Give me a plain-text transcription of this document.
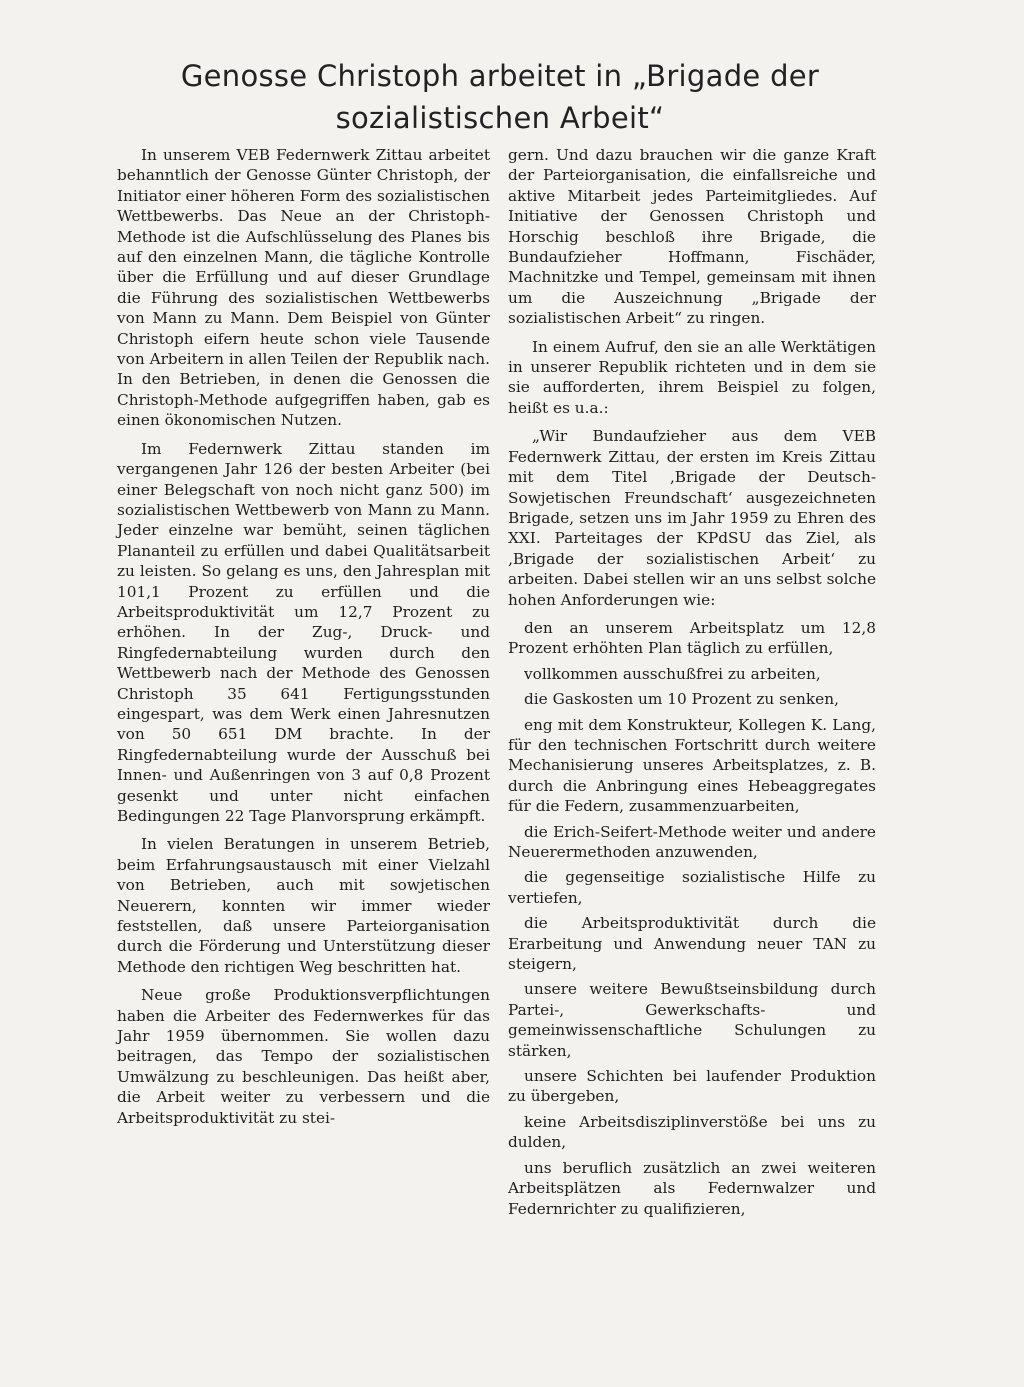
Genosse Christoph arbeitet in „Brigade der
sozialistischen Arbeit“

In unserem VEB Federnwerk Zittau arbeitet behanntlich der Genosse Günter Christoph, der Initiator einer höheren Form des sozialistischen Wettbewerbs. Das Neue an der Christoph-Methode ist die Aufschlüsselung des Planes bis auf den einzelnen Mann, die tägliche Kontrolle über die Erfüllung und auf dieser Grundlage die Führung des sozialistischen Wettbewerbs von Mann zu Mann. Dem Beispiel von Günter Christoph eifern heute schon viele Tausende von Arbeitern in allen Teilen der Republik nach. In den Betrieben, in denen die Genossen die Christoph-Methode aufgegriffen haben, gab es einen ökonomischen Nutzen.

Im Federnwerk Zittau standen im vergangenen Jahr 126 der besten Arbeiter (bei einer Belegschaft von noch nicht ganz 500) im sozialistischen Wettbewerb von Mann zu Mann. Jeder einzelne war bemüht, seinen täglichen Plananteil zu erfüllen und dabei Qualitätsarbeit zu leisten. So gelang es uns, den Jahresplan mit 101,1 Prozent zu erfüllen und die Arbeitsproduktivität um 12,7 Prozent zu erhöhen. In der Zug-, Druck- und Ringfedernabteilung wurden durch den Wettbewerb nach der Methode des Genossen Christoph 35 641 Fertigungsstunden eingespart, was dem Werk einen Jahresnutzen von 50 651 DM brachte. In der Ringfedernabteilung wurde der Ausschuß bei Innen- und Außenringen von 3 auf 0,8 Prozent gesenkt und unter nicht einfachen Bedingungen 22 Tage Planvorsprung erkämpft.

In vielen Beratungen in unserem Betrieb, beim Erfahrungsaustausch mit einer Vielzahl von Betrieben, auch mit sowjetischen Neuerern, konnten wir immer wieder feststellen, daß unsere Parteiorganisation durch die Förderung und Unterstützung dieser Methode den richtigen Weg beschritten hat.

Neue große Produktionsverpflichtungen haben die Arbeiter des Federnwerkes für das Jahr 1959 übernommen. Sie wollen dazu beitragen, das Tempo der sozialistischen Umwälzung zu beschleunigen. Das heißt aber, die Arbeit weiter zu verbessern und die Arbeitsproduktivität zu stei-

gern. Und dazu brauchen wir die ganze Kraft der Parteiorganisation, die einfallsreiche und aktive Mitarbeit jedes Parteimitgliedes. Auf Initiative der Genossen Christoph und Horschig beschloß ihre Brigade, die Bundaufzieher Hoffmann, Fischäder, Machnitzke und Tempel, gemeinsam mit ihnen um die Auszeichnung „Brigade der sozialistischen Arbeit“ zu ringen.

In einem Aufruf, den sie an alle Werktätigen in unserer Republik richteten und in dem sie sie aufforderten, ihrem Beispiel zu folgen, heißt es u.a.:

„Wir Bundaufzieher aus dem VEB Federnwerk Zittau, der ersten im Kreis Zittau mit dem Titel ‚Brigade der Deutsch-Sowjetischen Freundschaft‘ ausgezeichneten Brigade, setzen uns im Jahr 1959 zu Ehren des XXI. Parteitages der KPdSU das Ziel, als ‚Brigade der sozialistischen Arbeit‘ zu arbeiten. Dabei stellen wir an uns selbst solche hohen Anforderungen wie:

den an unserem Arbeitsplatz um 12,8 Prozent erhöhten Plan täglich zu erfüllen,

vollkommen ausschußfrei zu arbeiten,

die Gaskosten um 10 Prozent zu senken,

eng mit dem Konstrukteur, Kollegen K. Lang, für den technischen Fortschritt durch weitere Mechanisierung unseres Arbeitsplatzes, z. B. durch die Anbringung eines Hebeaggregates für die Federn, zusammenzuarbeiten,

die Erich-Seifert-Methode weiter und andere Neuerermethoden anzuwenden,

die gegenseitige sozialistische Hilfe zu vertiefen,

die Arbeitsproduktivität durch die Erarbeitung und Anwendung neuer TAN zu steigern,

unsere weitere Bewußtseinsbildung durch Partei-, Gewerkschafts- und gemeinwissenschaftliche Schulungen zu stärken,

unsere Schichten bei laufender Produktion zu übergeben,

keine Arbeitsdisziplinverstöße bei uns zu dulden,

uns beruflich zusätzlich an zwei weiteren Arbeitsplätzen als Federnwalzer und Federnrichter zu qualifizieren,
